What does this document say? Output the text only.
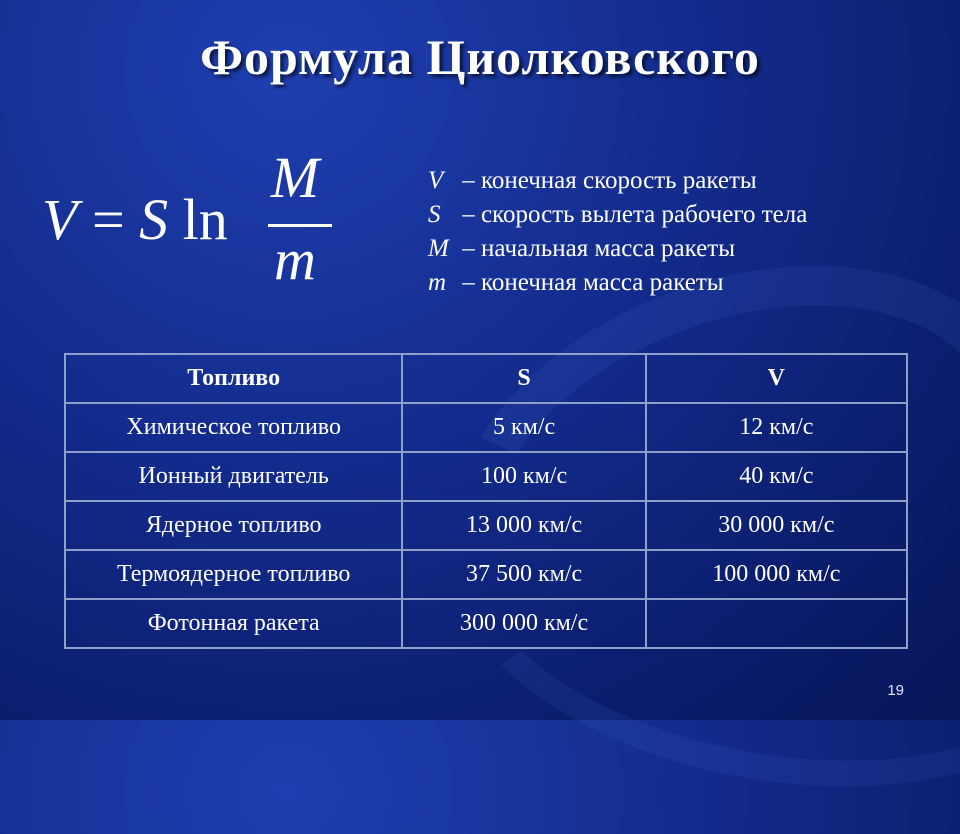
Формула Циолковского
V = S ln
M
m
V – конечная скорость ракеты
S – скорость вылета рабочего тела
M – начальная масса ракеты
m – конечная масса ракеты
Топливо	S	V
Химическое топливо	5 км/с	12 км/с
Ионный двигатель	100 км/с	40 км/с
Ядерное топливо	13 000 км/с	30 000 км/с
Термоядерное топливо	37 500 км/с	100 000 км/с
Фотонная ракета	300 000 км/с	
19
